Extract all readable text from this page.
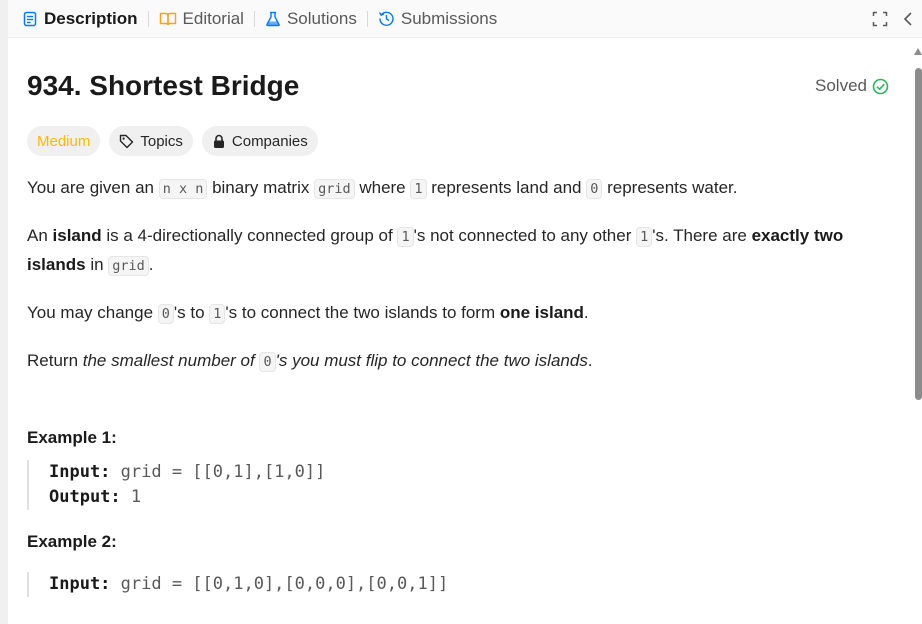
Description	Editorial	Solutions	Submissions
934. Shortest Bridge	Solved
Medium	Topics	Companies

You are given an n x n binary matrix grid where 1 represents land and 0 represents water.

An island is a 4-directionally connected group of 1 's not connected to any other 1 's. There are exactly two islands in grid .

You may change 0 's to 1 's to connect the two islands to form one island.

Return the smallest number of 0 's you must flip to connect the two islands.

Example 1:
Input: grid = [[0,1],[1,0]]
Output: 1
Example 2:
Input: grid = [[0,1,0],[0,0,0],[0,0,1]]
